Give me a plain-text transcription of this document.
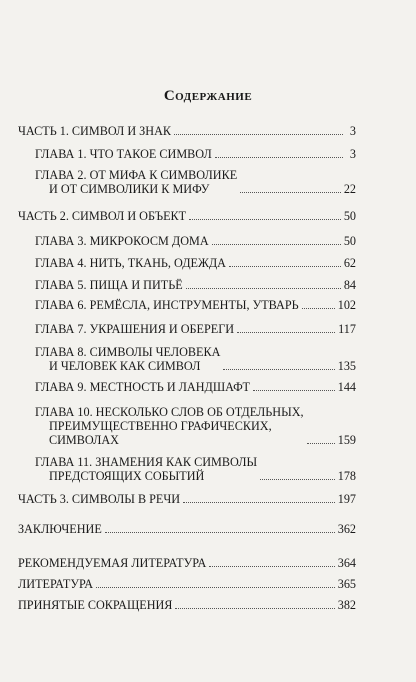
Содержание
ЧАСТЬ 1. СИМВОЛ И ЗНАК	3
ГЛАВА 1. ЧТО ТАКОЕ СИМВОЛ	3
ГЛАВА 2. ОТ МИФА К СИМВОЛИКЕ
И ОТ СИМВОЛИКИ К МИФУ	22
ЧАСТЬ 2. СИМВОЛ И ОБЪЕКТ	50
ГЛАВА 3. МИКРОКОСМ ДОМА	50
ГЛАВА 4. НИТЬ, ТКАНЬ, ОДЕЖДА	62
ГЛАВА 5. ПИЩА И ПИТЬЁ	84
ГЛАВА 6. РЕМЁСЛА, ИНСТРУМЕНТЫ, УТВАРЬ	102
ГЛАВА 7. УКРАШЕНИЯ И ОБЕРЕГИ	117
ГЛАВА 8. СИМВОЛЫ ЧЕЛОВЕКА
И ЧЕЛОВЕК КАК СИМВОЛ	135
ГЛАВА 9. МЕСТНОСТЬ И ЛАНДШАФТ	144
ГЛАВА 10. НЕСКОЛЬКО СЛОВ ОБ ОТДЕЛЬНЫХ,
ПРЕИМУЩЕСТВЕННО ГРАФИЧЕСКИХ,
СИМВОЛАХ	159
ГЛАВА 11. ЗНАМЕНИЯ КАК СИМВОЛЫ
ПРЕДСТОЯЩИХ СОБЫТИЙ	178
ЧАСТЬ 3. СИМВОЛЫ В РЕЧИ	197
ЗАКЛЮЧЕНИЕ	362
РЕКОМЕНДУЕМАЯ ЛИТЕРАТУРА	364
ЛИТЕРАТУРА	365
ПРИНЯТЫЕ СОКРАЩЕНИЯ	382
